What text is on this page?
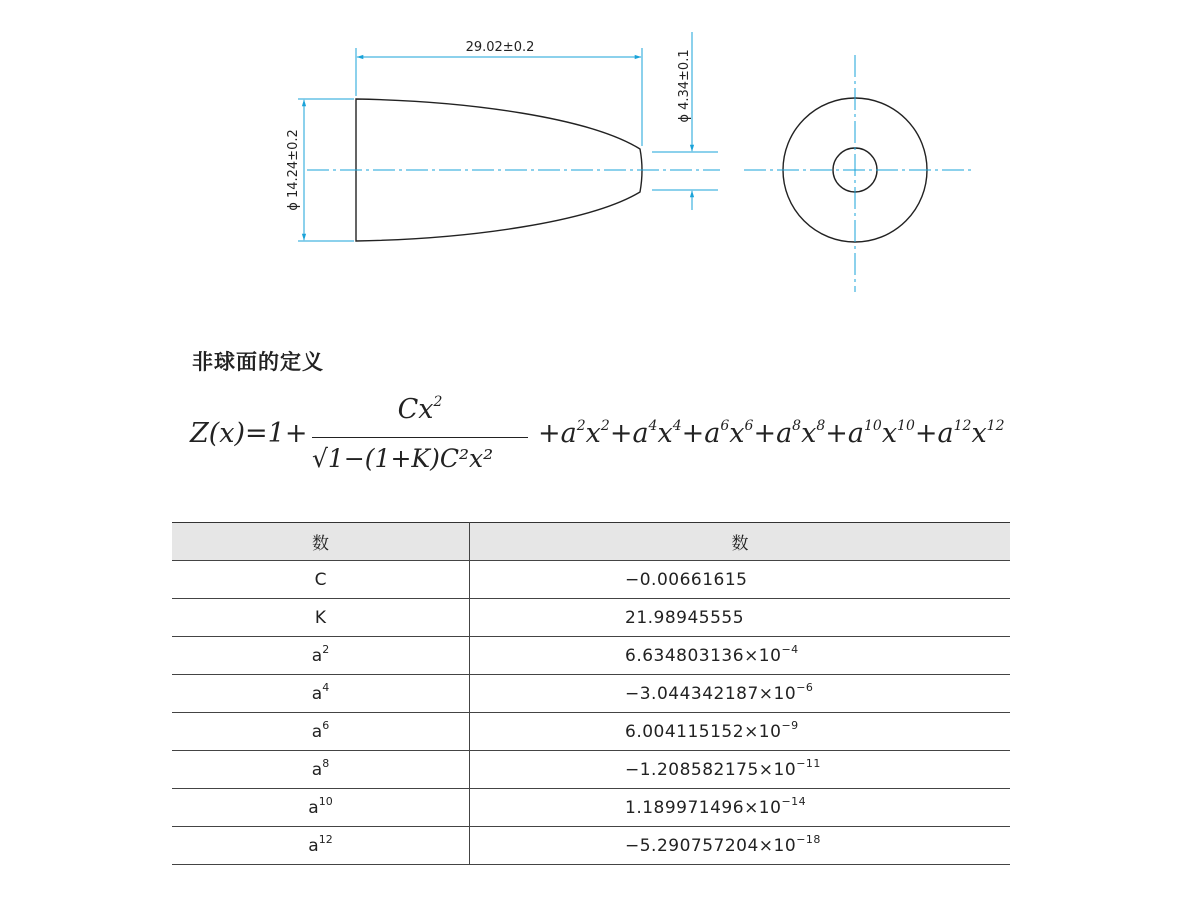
29.02±0.2
ϕ 14.24±0.2
ϕ 4.34±0.1
非球面的定义
Z(x)=1+
$Cx^2$
√1−(1+K)C²x²
$+a^2x^2+a^4x^4+a^6x^6+a^8x^8+a^{10}x^{10}+a^{12}x^{12}$
数	数
C	−0.00661615
K	21.98945555
$a^2$	$6.634803136\times 10^{-4}$
$a^4$	$-3.044342187\times 10^{-6}$
$a^6$	$6.004115152\times 10^{-9}$
$a^8$	$-1.208582175\times 10^{-11}$
$a^{10}$	$1.189971496\times 10^{-14}$
$a^{12}$	$-5.290757204\times 10^{-18}$
